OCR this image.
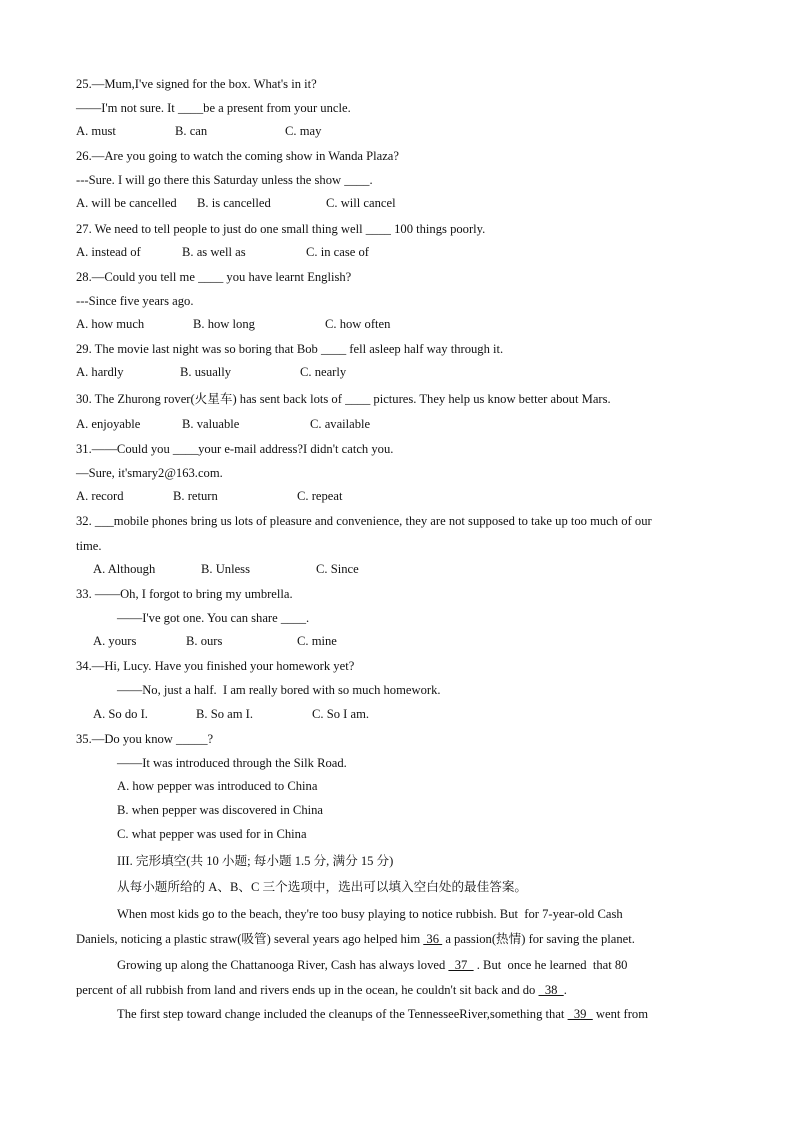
25.—Mum,I've signed for the box. What's in it?
——I'm not sure. It ____be a present from your uncle.
A. must	B. can	C. may
26.—Are you going to watch the coming show in Wanda Plaza?
---Sure. I will go there this Saturday unless the show ____.
A. will be cancelled B. is cancelled	C. will cancel
27. We need to tell people to just do one small thing well ____ 100 things poorly.
A. instead of	B. as well as	C. in case of
28.—Could you tell me ____ you have learnt English?
---Since five years ago.
A. how much	B. how long	C. how often
29. The movie last night was so boring that Bob ____ fell asleep half way through it.
A. hardly	B. usually	C. nearly
30. The Zhurong rover(火星车) has sent back lots of ____ pictures. They help us know better about Mars.
A. enjoyable	B. valuable	C. available
31.——Could you ____your e-mail address?I didn't catch you.
—Sure, it'smary2@163.com.
A. record	B. return	C. repeat
32. ___mobile phones bring us lots of pleasure and convenience, they are not supposed to take up too much of our
time.
A. Although	B. Unless	C. Since
33. ——Oh, I forgot to bring my umbrella.
——I've got one. You can share ____.
A. yours	B. ours	C. mine
34.—Hi, Lucy. Have you finished your homework yet?
——No, just a half.  I am really bored with so much homework.
A. So do I.	B. So am I.	C. So I am.
35.—Do you know _____?
——It was introduced through the Silk Road.
A. how pepper was introduced to China
B. when pepper was discovered in China
C. what pepper was used for in China
III. 完形填空(共 10 小题; 每小题 1.5 分, 满分 15 分)
从每小题所给的 A、B、C 三个选项中，选出可以填入空白处的最佳答案。
When most kids go to the beach, they're too busy playing to notice rubbish. But  for 7-year-old Cash
Daniels, noticing a plastic straw(吸管) several years ago helped him  36  a passion(热情) for saving the planet.
Growing up along the Chattanooga River, Cash has always loved   37   . But  once he learned  that 80
percent of all rubbish from land and rivers ends up in the ocean, he couldn't sit back and do   38  .
The first step toward change included the cleanups of the TennesseeRiver,something that   39   went from
